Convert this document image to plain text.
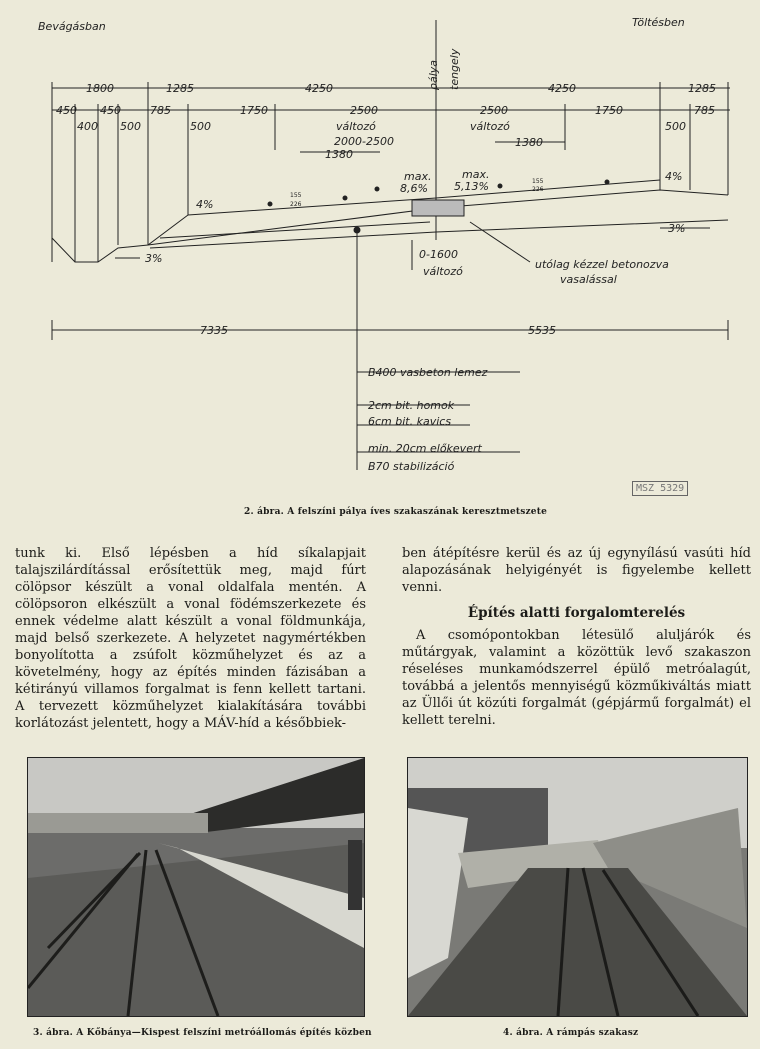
Bevágásban	Töltésben
pálya tengely
1800	1285	4250	4250	1285
450 450	785	1750	2500	2500	1750	785
400 500	500	500
változó	változó
2000-2500
1380
1380
max.
8,6%
max.
5,13%
4%
4%
3%
3%
0-1600
változó
utólag kézzel betonozva
vasalással
B400 vasbeton lemez
2cm bit. homok
6cm bit. kavics
min. 20cm előkevert
B70 stabilizáció
7335	5535
155
226
155
226
MSZ 5329
2. ábra. A felszíni pálya íves szakaszának keresztmetszete

tunk ki. Első lépésben a híd síkalapjait talajszilárdítással erősítettük meg, majd fúrt cölöpsor készült a vonal oldalfala mentén. A cölöpsoron elkészült a vonal födémszerkezete és ennek védelme alatt készült a vonal földmunkája, majd belső szerkezete. A helyzetet nagymértékben bonyolította a zsúfolt közműhelyzet és az a követelmény, hogy az építés minden fázisában a kétirányú villamos forgalmat is fenn kellett tartani. A tervezett közműhelyzet kialakítására további korlátozást jelentett, hogy a MÁV-híd a későbbiek-

ben átépítésre kerül és az új egynyílású vasúti híd alapozásának helyigényét is figyelembe kellett venni.

Építés alatti forgalomterelés

A csomópontokban létesülő aluljárók és műtárgyak, valamint a közöttük levő szakaszon réseléses munkamódszerrel épülő metróalagút, továbbá a jelentős mennyiségű közműkiváltás miatt az Üllői út közúti forgalmát (gépjármű forgalmát) el kellett terelni.

3. ábra. A Kőbánya—Kispest felszíni metróállomás építés közben	4. ábra. A rámpás szakasz
